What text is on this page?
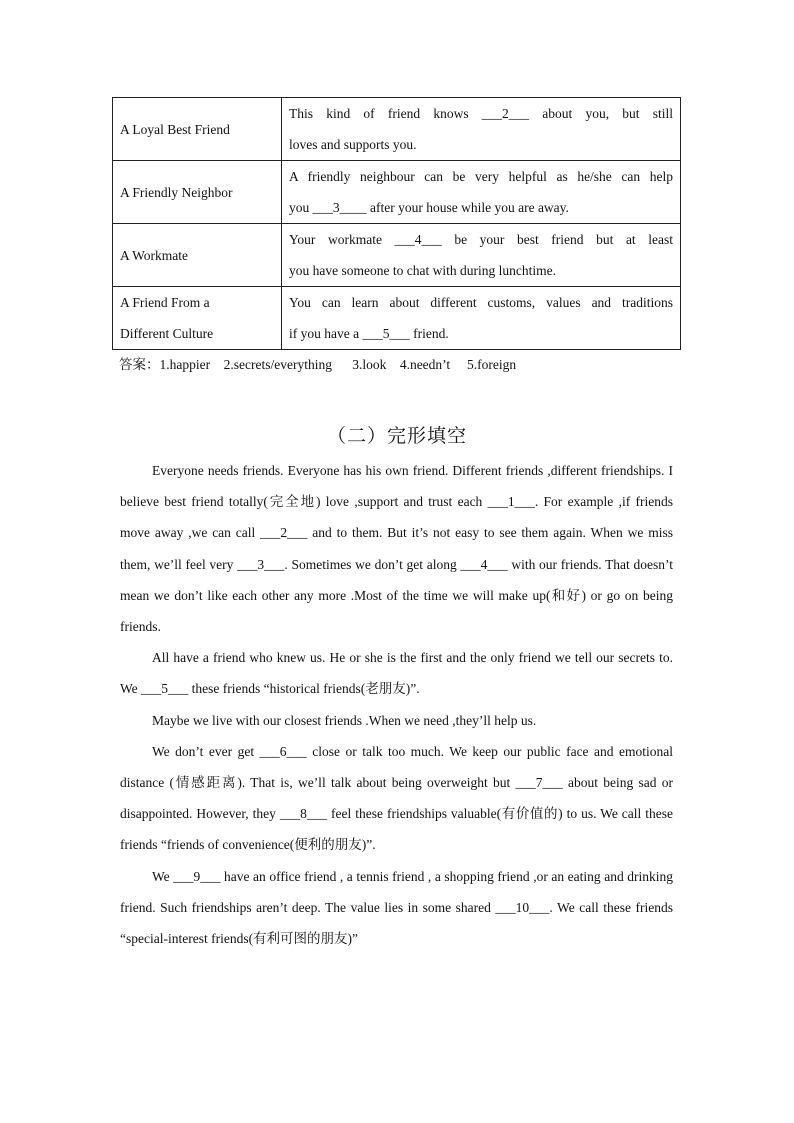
A Loyal Best Friend	This kind of friend knows ___2___ about you, but still
loves and supports you.

A Friendly Neighbor	A friendly neighbour can be very helpful as he/she can help
you ___3____ after your house while you are away.

A Workmate	Your workmate ___4___ be your best friend but at least
you have someone to chat with during lunchtime.

A Friend From a
Different Culture	You can learn about different customs, values and traditions
if you have a ___5___ friend.
答案：1.happier    2.secrets/everything      3.look    4.needn’t     5.foreign
（二）完形填空

Everyone needs friends. Everyone has his own friend. Different friends ,different friendships. I believe best friend totally(完全地) love ,support and trust each ___1___. For example ,if friends move away ,we can call ___2___ and to them. But it’s not easy to see them again. When we miss them, we’ll feel very ___3___. Sometimes we don’t get along ___4___ with our friends. That doesn’t mean we don’t like each other any more .Most of the time we will make up(和好) or go on being friends.

All have a friend who knew us. He or she is the first and the only friend we tell our secrets to. We ___5___ these friends “historical friends(老朋友)”.

Maybe we live with our closest friends .When we need ,they’ll help us.

We don’t ever get ___6___ close or talk too much. We keep our public face and emotional distance (情感距离). That is, we’ll talk about being overweight but ___7___ about being sad or disappointed. However, they ___8___ feel these friendships valuable(有价值的) to us. We call these friends “friends of convenience(便利的朋友)”.

We ___9___ have an office friend , a tennis friend , a shopping friend ,or an eating and drinking friend. Such friendships aren’t deep. The value lies in some shared ___10___. We call these friends “special-interest friends(有利可图的朋友)”
